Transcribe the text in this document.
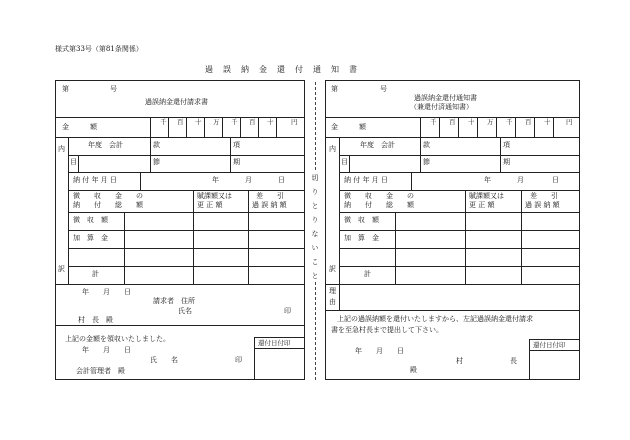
様式第33号（第81条関係）
過　誤　納　金　還　付　通　知　書
第	号
過誤納金還付請求書
金　　　額
千 百 十 万 千 百 十	円
内
訳
年度　会計	款	項
目	節	期
納 付 年 月 日	年	月	日
徴　　収　　金　　の
納　　付　　総　　額
賦課額又は
更 正 額
差　　引
過 誤 納 額
徴　収　額
加　算　金
計
年　　月　　日
請求者　住所
氏名	印
村　長　殿
上記の金額を領収いたしました。
年　　月　　日
氏　　名	印
会計管理者　殿
還付日付印
切　り　と　り　な　い　こ　と
第	号
過誤納金還付通知書
（兼還付済通知書）
金　　　額
千 百 十 万 千 百 十 円
内
訳
年度　会計	款	項
目	節	期
納 付 年 月 日	年	月	日
徴　　収　　金　　の
納　　付　　総　　額
賦課額又は
更 正 額
差　　引
過 誤 納 額
徴　収　額
加　算　金
計
理
由
上記の過誤納額を還付いたしますから、左記過誤納金還付請求
書を至急村長まで提出して下さい。
年　　月　　日
村	長
殿
還付日付印
